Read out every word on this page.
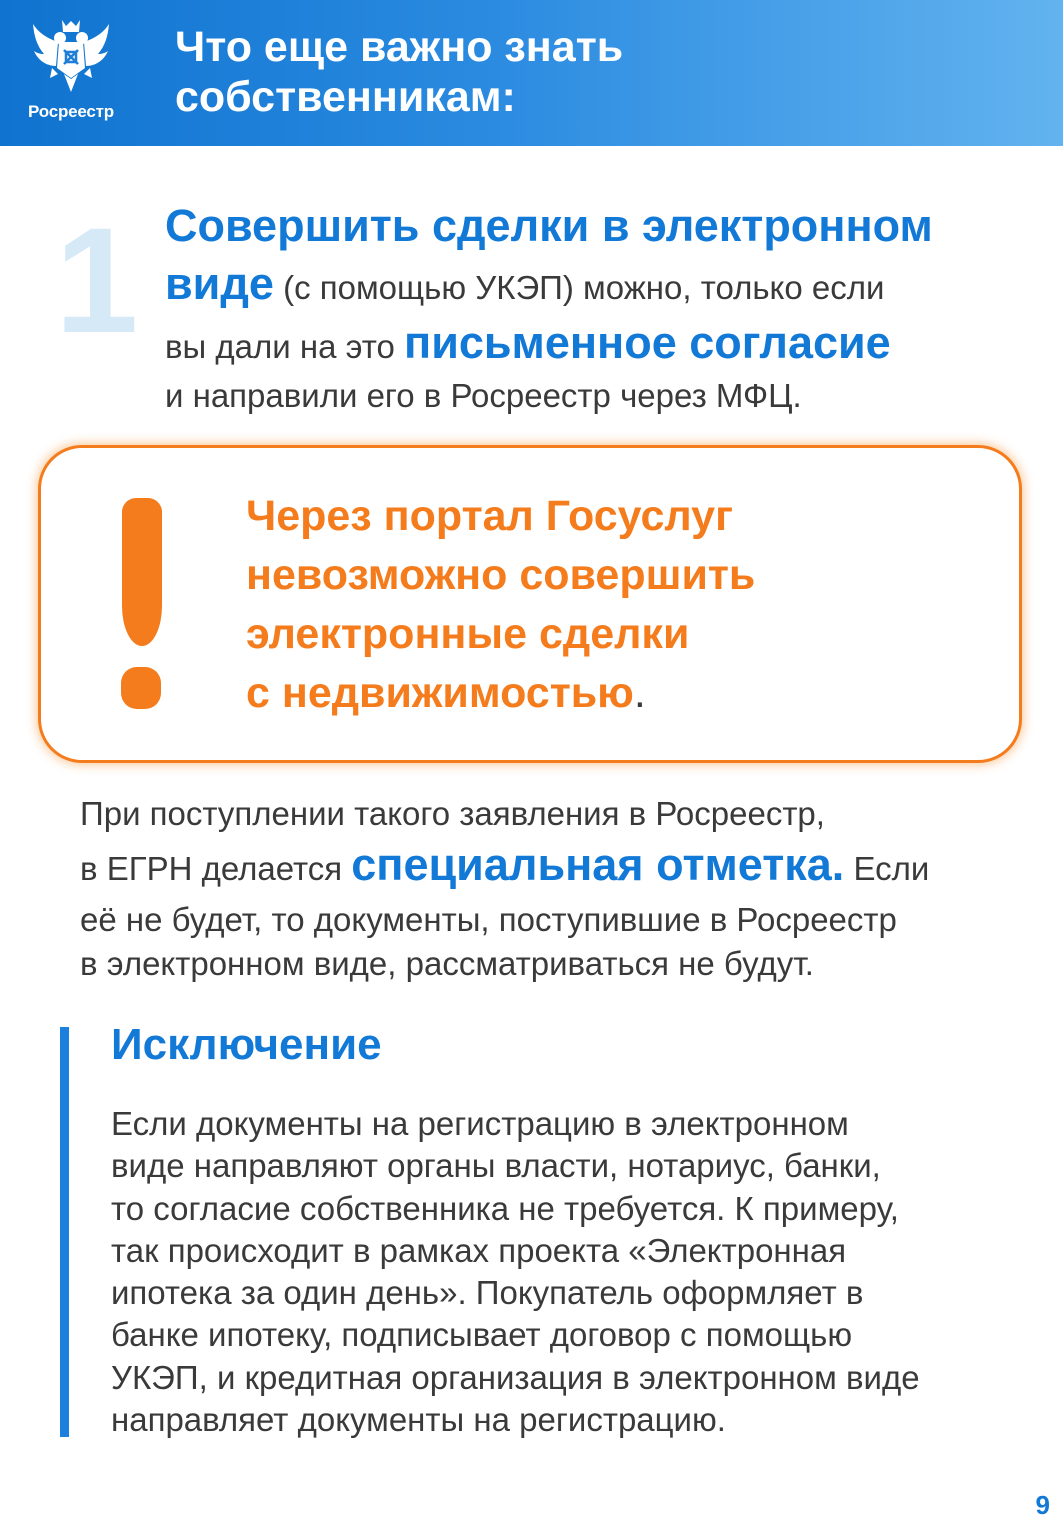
Росреестр
Что еще важно знать
собственникам:
1 Совершить сделки в электронном
виде (с помощью УКЭП) можно, только если
вы дали на это письменное согласие
и направили его в Росреестр через МФЦ.

Через портал Госуслуг
невозможно совершить
электронные сделки
с недвижимостью.

При поступлении такого заявления в Росреестр,
в ЕГРН делается специальная отметка. Если
её не будет, то документы, поступившие в Росреестр
в электронном виде, рассматриваться не будут.

Исключение

Если документы на регистрацию в электронном
виде направляют органы власти, нотариус, банки,
то согласие собственника не требуется. К примеру,
так происходит в рамках проекта «Электронная
ипотека за один день». Покупатель оформляет в
банке ипотеку, подписывает договор с помощью
УКЭП, и кредитная организация в электронном виде
направляет документы на регистрацию.

9
